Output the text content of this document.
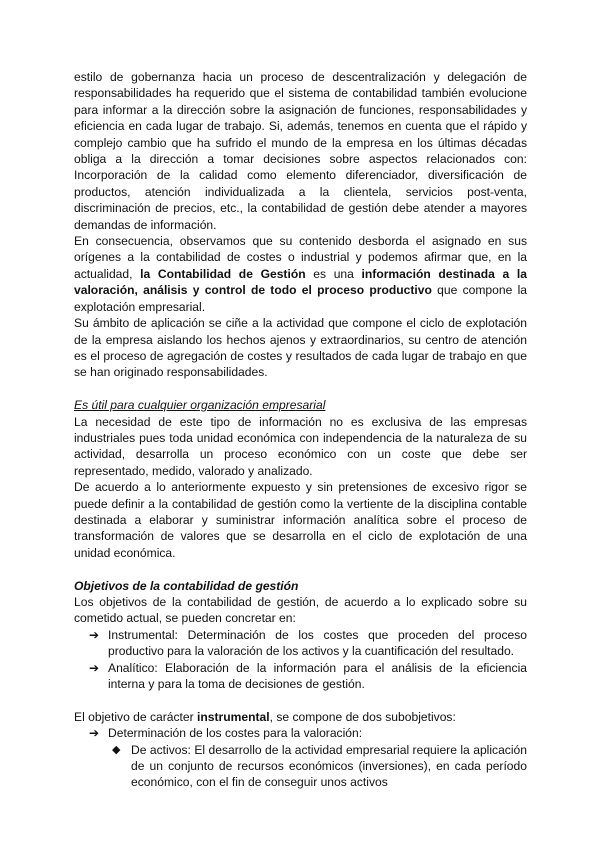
estilo de gobernanza hacia un proceso de descentralización y delegación de responsabilidades ha requerido que el sistema de contabilidad también evolucione para informar a la dirección sobre la asignación de funciones, responsabilidades y eficiencia en cada lugar de trabajo. Si, además, tenemos en cuenta que el rápido y complejo cambio que ha sufrido el mundo de la empresa en los últimas décadas obliga a la dirección a tomar decisiones sobre aspectos relacionados con: Incorporación de la calidad como elemento diferenciador, diversificación de productos, atención individualizada a la clientela, servicios post-venta, discriminación de precios, etc., la contabilidad de gestión debe atender a mayores demandas de información.

En consecuencia, observamos que su contenido desborda el asignado en sus orígenes a la contabilidad de costes o industrial y podemos afirmar que, en la actualidad, la Contabilidad de Gestión es una información destinada a la valoración, análisis y control de todo el proceso productivo que compone la explotación empresarial.

Su ámbito de aplicación se ciñe a la actividad que compone el ciclo de explotación de la empresa aislando los hechos ajenos y extraordinarios, su centro de atención es el proceso de agregación de costes y resultados de cada lugar de trabajo en que se han originado responsabilidades.

Es útil para cualquier organización empresarial

La necesidad de este tipo de información no es exclusiva de las empresas industriales pues toda unidad económica con independencia de la naturaleza de su actividad, desarrolla un proceso económico con un coste que debe ser representado, medido, valorado y analizado.

De acuerdo a lo anteriormente expuesto y sin pretensiones de excesivo rigor se puede definir a la contabilidad de gestión como la vertiente de la disciplina contable destinada a elaborar y suministrar información analítica sobre el proceso de transformación de valores que se desarrolla en el ciclo de explotación de una unidad económica.

Objetivos de la contabilidad de gestión

Los objetivos de la contabilidad de gestión, de acuerdo a lo explicado sobre su cometido actual, se pueden concretar en:

➔ Instrumental: Determinación de los costes que proceden del proceso productivo para la valoración de los activos y la cuantificación del resultado.
➔ Analítico: Elaboración de la información para el análisis de la eficiencia interna y para la toma de decisiones de gestión.

El objetivo de carácter instrumental, se compone de dos subobjetivos:

➔ Determinación de los costes para la valoración:
◆ De activos: El desarrollo de la actividad empresarial requiere la aplicación de un conjunto de recursos económicos (inversiones), en cada período económico, con el fin de conseguir unos activos
